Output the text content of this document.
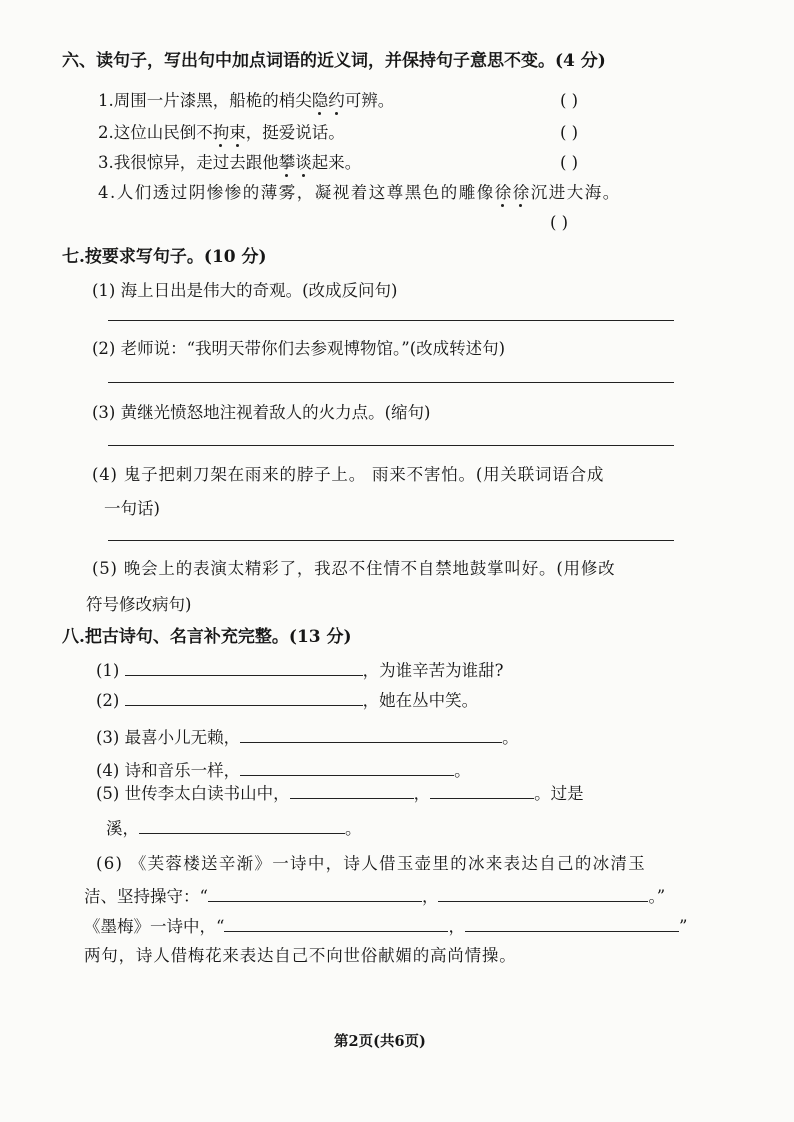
六、读句子，写出句中加点词语的近义词，并保持句子意思不变。(4 分)
1.周围一片漆黑，船桅的梢尖隐约
可辨。	( )
2.这位山民倒不拘束
，挺爱说话。	( )
3.我很惊异，走过去跟他攀谈
起来。	( )
4.人们透过阴惨惨的薄雾，凝视着这尊黑色的雕像徐徐
沉进大海。
( )
七.按要求写句子。(10 分)
(1) 海上日出是伟大的奇观。(改成反问句)
(2) 老师说：“我明天带你们去参观博物馆。”(改成转述句)
(3) 黄继光愤怒地注视着敌人的火力点。(缩句)
(4) 鬼子把刺刀架在雨来的脖子上。 雨来不害怕。(用关联词语合成
一句话)
(5) 晚会上的表演太精彩了，我忍不住情不自禁地鼓掌叫好。(用修改
符号修改病句)
八.把古诗句、名言补充完整。(13 分)
(1)	，为谁辛苦为谁甜?
(2)	，她在丛中笑。
(3) 最喜小儿无赖，	。
(4) 诗和音乐一样，	。
(5) 世传李太白读书山中，	，	。过是
溪，	。
(6) 《芙蓉楼送辛渐》一诗中，诗人借玉壶里的冰来表达自己的冰清玉
洁、坚持操守：“	，	。”
《墨梅》一诗中，“	，	”
两句，诗人借梅花来表达自己不向世俗献媚的高尚情操。
第2页(共6页)
